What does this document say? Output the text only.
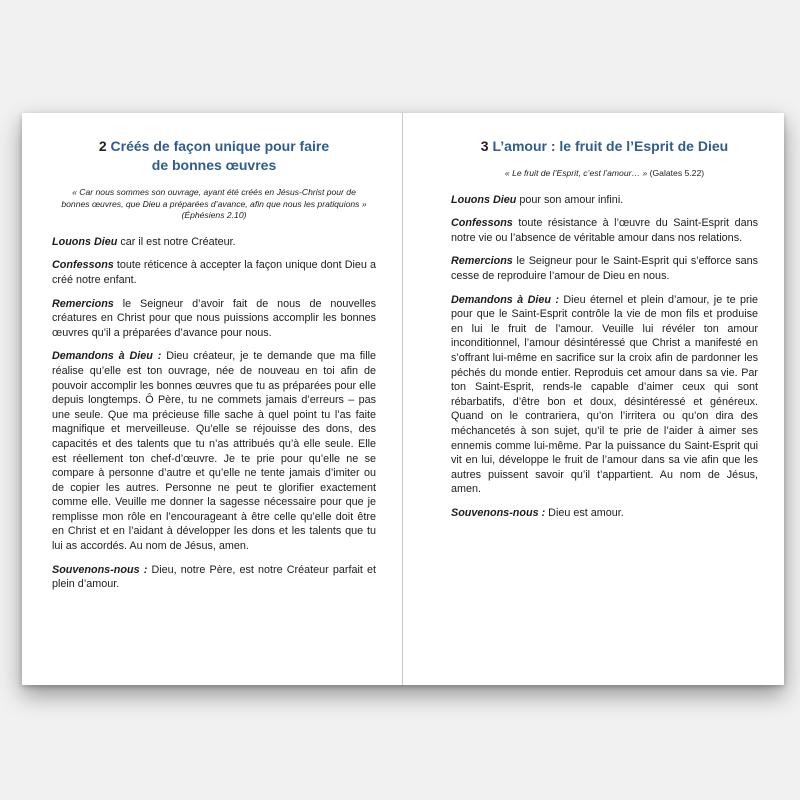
2 Créés de façon unique pour faire
de bonnes œuvres

« Car nous sommes son ouvrage, ayant été créés en Jésus-Christ pour de bonnes œuvres, que Dieu a préparées d’avance, afin que nous les pratiquions » (Éphésiens 2.10)

Louons Dieu car il est notre Créateur.

Confessons toute réticence à accepter la façon unique dont Dieu a créé notre enfant.

Remercions le Seigneur d’avoir fait de nous de nouvelles créatures en Christ pour que nous puissions accomplir les bonnes œuvres qu’il a préparées d’avance pour nous.

Demandons à Dieu : Dieu créateur, je te demande que ma fille réalise qu’elle est ton ouvrage, née de nouveau en toi afin de pouvoir accomplir les bonnes œuvres que tu as préparées pour elle depuis longtemps. Ô Père, tu ne commets jamais d’erreurs – pas une seule. Que ma précieuse fille sache à quel point tu l’as faite magnifique et merveilleuse. Qu’elle se réjouisse des dons, des capacités et des talents que tu n’as attribués qu’à elle seule. Elle est réellement ton chef-d’œuvre. Je te prie pour qu’elle ne se compare à personne d’autre et qu’elle ne tente jamais d’imiter ou de copier les autres. Personne ne peut te glorifier exactement comme elle. Veuille me donner la sagesse nécessaire pour que je remplisse mon rôle en l’encourageant à être celle qu’elle doit être en Christ et en l’aidant à développer les dons et les talents que tu lui as accordés. Au nom de Jésus, amen.

Souvenons-nous : Dieu, notre Père, est notre Créateur parfait et plein d’amour.

3 L’amour : le fruit de l’Esprit de Dieu

« Le fruit de l’Esprit, c’est l’amour… » (Galates 5.22)

Louons Dieu pour son amour infini.

Confessons toute résistance à l’œuvre du Saint-Esprit dans notre vie ou l’absence de véritable amour dans nos relations.

Remercions le Seigneur pour le Saint-Esprit qui s’efforce sans cesse de reproduire l’amour de Dieu en nous.

Demandons à Dieu : Dieu éternel et plein d’amour, je te prie pour que le Saint-Esprit contrôle la vie de mon fils et produise en lui le fruit de l’amour. Veuille lui révéler ton amour inconditionnel, l’amour désintéressé que Christ a manifesté en s’offrant lui-même en sacrifice sur la croix afin de pardonner les péchés du monde entier. Reproduis cet amour dans sa vie. Par ton Saint-Esprit, rends-le capable d’aimer ceux qui sont rébarbatifs, d’être bon et doux, désintéressé et généreux. Quand on le contrariera, qu’on l’irritera ou qu’on dira des méchancetés à son sujet, qu’il te prie de l’aider à aimer ses ennemis comme lui-même. Par la puissance du Saint-Esprit qui vit en lui, développe le fruit de l’amour dans sa vie afin que les autres puissent savoir qu’il t’appartient. Au nom de Jésus, amen.

Souvenons-nous : Dieu est amour.
